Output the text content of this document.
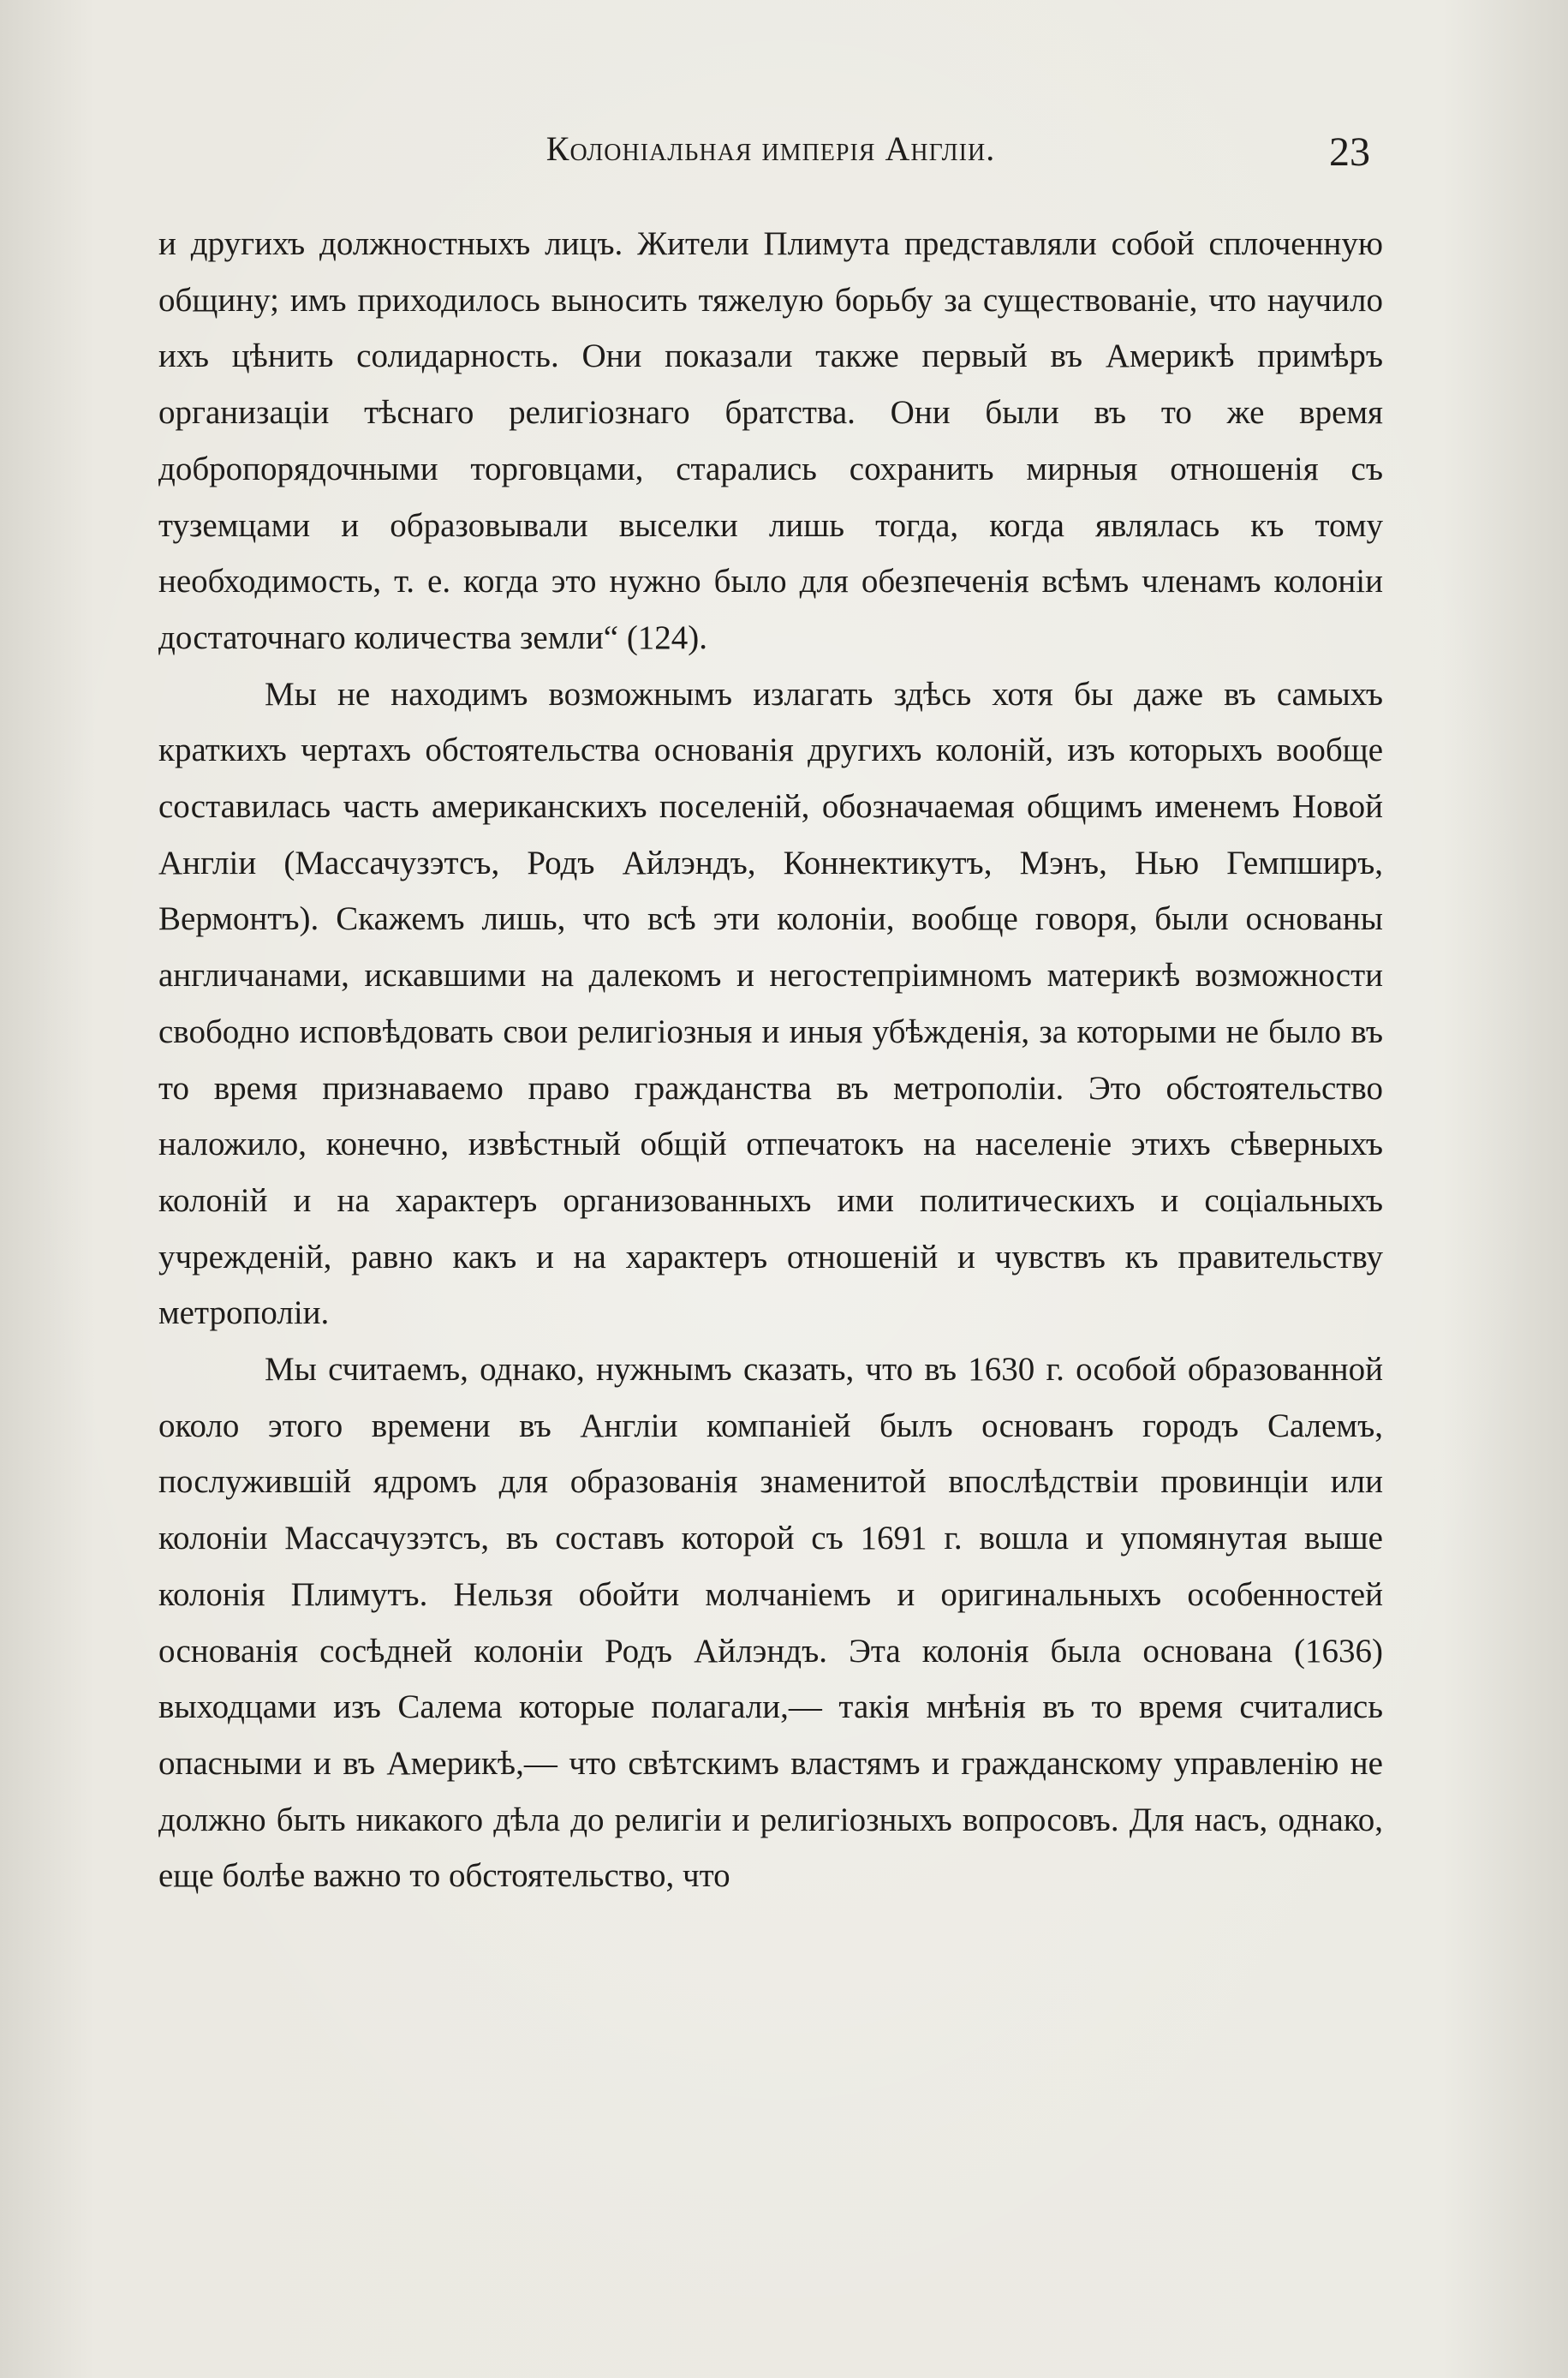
Колоніальная имперія Англіи.	23

и другихъ должностныхъ лицъ. Жители Плимута представляли собой сплоченную общину; имъ приходилось выносить тяжелую борьбу за существованіе, что научило ихъ цѣнить солидарность. Они показали также первый въ Америкѣ примѣръ организаціи тѣснаго религіознаго братства. Они были въ то же время добропорядочными торговцами, старались сохранить мирныя отношенія съ туземцами и образовывали выселки лишь тогда, когда являлась къ тому необходимость, т. е. когда это нужно было для обезпеченія всѣмъ членамъ колоніи достаточнаго количества земли“ (124).

Мы не находимъ возможнымъ излагать здѣсь хотя бы даже въ самыхъ краткихъ чертахъ обстоятельства основанія другихъ колоній, изъ которыхъ вообще составилась часть американскихъ поселеній, обозначаемая общимъ именемъ Новой Англіи (Массачузэтсъ, Родъ Айлэндъ, Коннектикутъ, Мэнъ, Нью Гемпширъ, Вермонтъ). Скажемъ лишь, что всѣ эти колоніи, вообще говоря, были основаны англичанами, искавшими на далекомъ и негостепріимномъ материкѣ возможности свободно исповѣдовать свои религіозныя и иныя убѣжденія, за которыми не было въ то время признаваемо право гражданства въ метрополіи. Это обстоятельство наложило, конечно, извѣстный общій отпечатокъ на населеніе этихъ сѣверныхъ колоній и на характеръ организованныхъ ими политическихъ и соціальныхъ учрежденій, равно какъ и на характеръ отношеній и чувствъ къ правительству метрополіи.

Мы считаемъ, однако, нужнымъ сказать, что въ 1630 г. особой образованной около этого времени въ Англіи компаніей былъ основанъ городъ Салемъ, послужившій ядромъ для образованія знаменитой впослѣдствіи провинціи или колоніи Массачузэтсъ, въ составъ которой съ 1691 г. вошла и упомянутая выше колонія Плимутъ. Нельзя обойти молчаніемъ и оригинальныхъ особенностей основанія сосѣдней колоніи Родъ Айлэндъ. Эта колонія была основана (1636) выходцами изъ Салема которые полагали,— такія мнѣнія въ то время считались опасными и въ Америкѣ,— что свѣтскимъ властямъ и гражданскому управленію не должно быть никакого дѣла до религіи и религіозныхъ вопросовъ. Для насъ, однако, еще болѣе важно то обстоятельство, что
